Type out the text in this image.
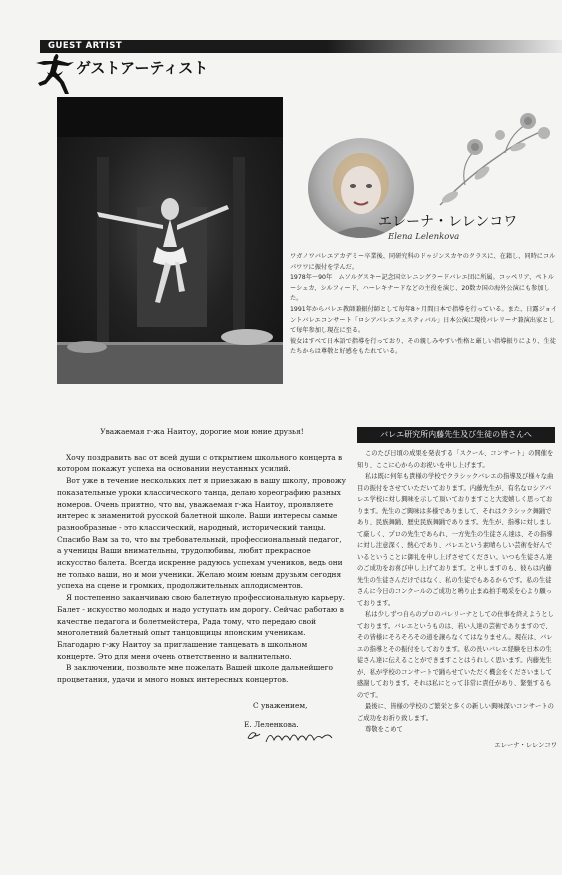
GUEST ARTIST
ゲストアーティスト
エレーナ・レレンコワ
Elena Lelenkova

ワガノワバレエアカデミー卒業後、同研究科のドゥジンスカヤのクラスに、在籍し、同時にコルパワワに振付を学んだ。

1978年〜90年　ムソルグスキー記念国立レニングラードバレエ団に所属。コッペリア、ペトルーシュカ、シルフィード、ハーレキナードなどの主役を演じ、20数カ国の海外公演にも参加した。

1991年からバレエ教師兼振付師として毎年8ヶ月間日本で指導を行っている。また、日露ジョイントバレエコンサート「ロシアバレエフェスティバル」日本公演に現役バレリーナ兼演出家として毎年参加し現在に至る。

彼女はすべて日本語で指導を行っており、その親しみやすい性格と厳しい指導振りにより、生徒たちからは尊敬と好感をもたれている。

Уважаемая г-жа Наитоу, дорогие мои юние друзья!

Хочу поздравить вас от всей души с открытием школьного концерта в котором покажут успеха на основании неустанных усилий.

Вот уже в течение нескольких лет я приезжаю в вашу школу, провожу показательные уроки классического танца, делаю хореографию разных номеров. Очень приятно, что вы, уважаемая г-жа Наитоу, проявляете интерес к знаменитой русской балетной школе. Ваши интересы самые разнообразные - это классический, народный, исторический танцы. Спасибо Вам за то, что вы требовательный, профессиональный педагог, а ученицы Ваши внимательны, трудолюбивы, любят прекрасное искусство балета. Всегда искренне радуюсь успехам учеников, ведь они не только ваши, но и мои ученики. Желаю моим юным друзьям сегодня успеха на сцене и громких, продолжительных аплодисментов.

Я постепенно заканчиваю свою балетную профессиональную карьеру. Балет - искусство молодых и надо уступать им дорогу. Сейчас работаю в качестве педагога и болетмейстера, Рада тому, что передаю свой многолетний балетный опыт танцовщицы японским ученикам.

Благодарю г-жу Наитоу за приглашение танцевать в школьном концерте. Это для меня очень ответственно и валнительно.

В заключении, позвольте мне пожелать Вашей школе дальнейшего процветания, удачи и много новых интересных концертов.

С уважением,

Е. Леленкова.

バレエ研究所内藤先生及び生徒の皆さんへ

このたび日頃の成果を発表する「スクール、コンサート」の開催を知り、ここに心からのお祝いを申し上げます。

私は既に何年も貴様の学校でクラシックバレエの指導及び様々な曲目の振付をさせていただいております。内藤先生が、有名なロシアバレエ学校に対し興味を示して頂いておりますこと大変嬉しく思っております。先生のご興味は多様でありまして、それはクラシック舞踊であり、民族舞踊、歴史民族舞踊であります。先生が、指導に対しまして厳しく、プロの先生であられ、一方先生の生徒さん達は、その指導に対し注意深く、熱心であり、バレエという素晴らしい芸術を好んでいるということに御礼を申し上げさせてください。いつも生徒さん達のご成功をお喜び申し上げております。と申しますのも、彼らは内藤先生の生徒さんだけではなく、私の生徒でもあるからです。私の生徒さんに今日のコンクールのご成功と鳴り止まぬ拍手喝采を心より願っております。

私は少しずつ自らのプロのバレリーナとしての仕事を終えようとしております。バレエというものは、若い人達の芸術でありますので、その皆様にそろそろその道を譲らなくてはなりません。現在は、バレエの指導とその振付をしております。私の長いバレエ経験を日本の生徒さん達に伝えることができますことはうれしく思います。内藤先生が、私が学校のコンサートで踊らせていただく機会をくださいまして感謝しております。それは私にとって非常に責任があり、緊張するものです。

最後に、皆様の学校のご繁栄と多くの新しい興味深いコンサートのご成功をお祈り致します。

尊敬をこめて

エレーナ・レレンコワ
